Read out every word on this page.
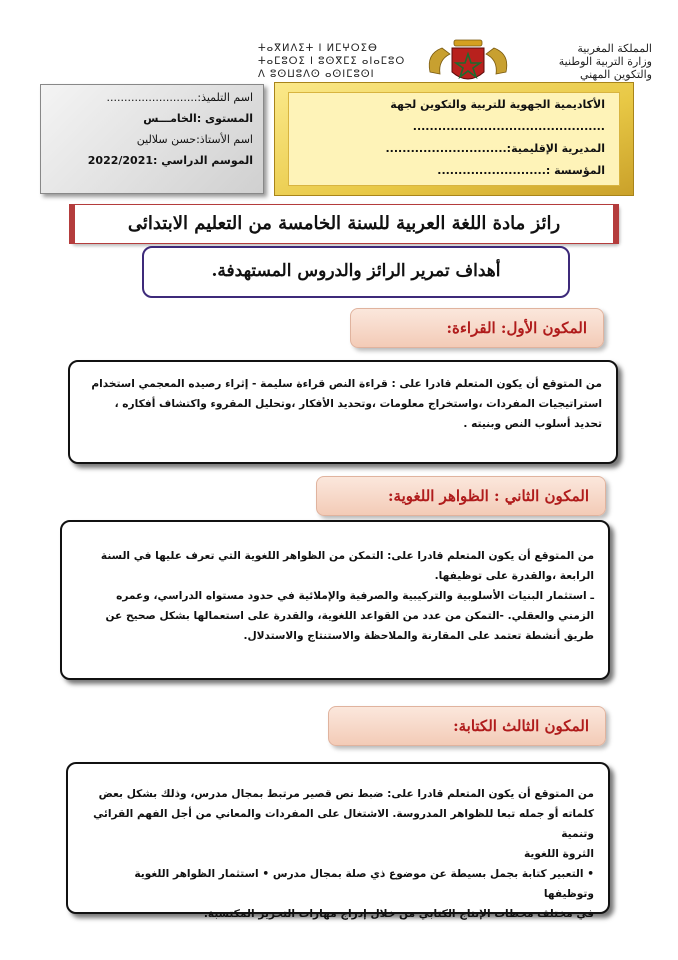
ⵜⴰⴳⵍⴷⵉⵜ ⵏ ⵍⵎⵖⵔⵉⴱ
ⵜⴰⵎⵓⵔⵉ ⵏ ⵓⵙⴳⵎⵉ ⴰⵏⴰⵎⵓⵔ
ⴷ ⵓⵙⵡⵓⴷⵙ ⴰⵙⵏⵎⵓⵙⵏ
المملكة المغربية
وزارة التربية الوطنية
والتكوين المهني
اسم التلميذ:..........................
المستوى :الخامـــس
اسم الأستاذ:حسن سلالين
الموسم الدراسي :2022/2021
الأكاديمية الجهوية للتربية والتكوين لجهة
..............................................
المديرية الإقليمية:.............................
المؤسسة :..........................
رائز مادة اللغة العربية للسنة الخامسة من التعليم الابتدائى
أهداف تمرير الرائز والدروس المستهدفة.
المكون الأول: القراءة:

من المتوقع أن يكون المتعلم قادرا على : قراءة النص قراءة سليمة - إثراء رصيده المعجمي استخدام

استراتيجيات المفردات ،واستخراج معلومات ،وتحديد الأفكار ،وتحليل المقروء واكتشاف أفكاره ،

تحديد أسلوب النص وبنيته .

المكون الثاني : الظواهر اللغوية:

من المتوقع أن يكون المتعلم قادرا على: التمكن من الظواهر اللغوية التي تعرف عليها في السنة

الرابعة ،والقدرة على توظيفها.

ـ استثمار البنيات الأسلوبية والتركيبية والصرفية والإملائية في حدود مستواه الدراسي، وعمره

الزمني والعقلي. -التمكن من عدد من القواعد اللغوية، والقدرة على استعمالها بشكل صحيح عن

طريق أنشطة تعتمد على المقارنة والملاحظة والاستنتاج والاستدلال.

المكون الثالث الكتابة:

من المتوقع أن يكون المتعلم قادرا على: ضبط نص قصير مرتبط بمجال مدرس، وذلك بشكل بعض

كلماته أو جمله تبعا للظواهر المدروسة. الاشتغال على المفردات والمعاني من أجل الفهم القرائي وتنمية

الثروة اللغوية

• التعبير كتابة بجمل بسيطة عن موضوع ذي صلة بمجال مدرس • استثمار الظواهر اللغوية وتوظيفها

في مختلف محطات الإنتاج الكتابي من خلال إدراج مهارات التحرير المكتسبة.
